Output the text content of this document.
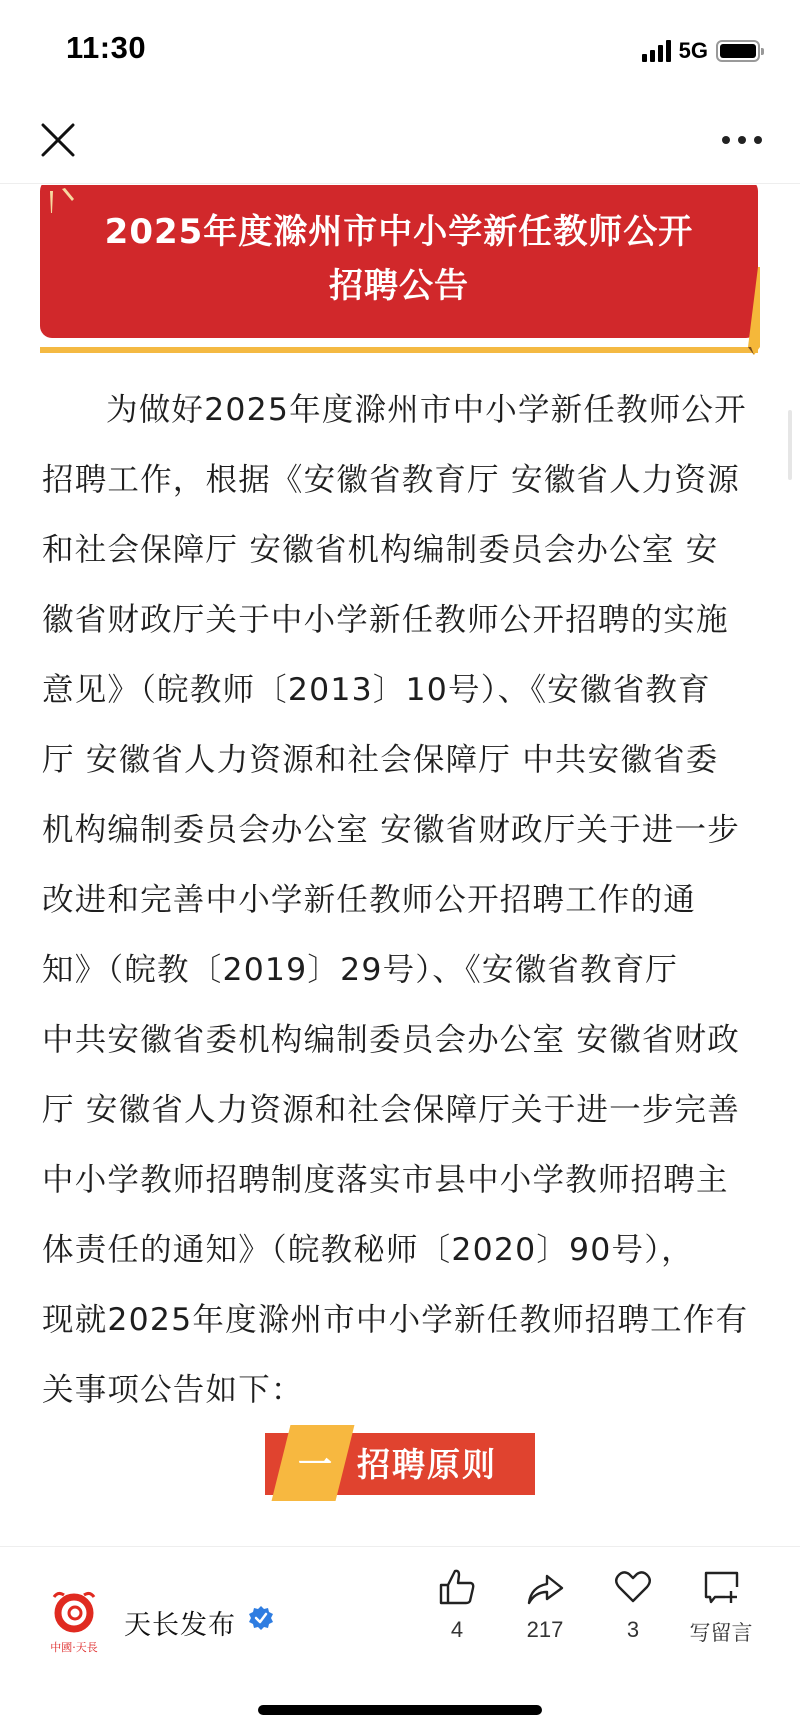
11:30	5G
2025年度滁州市中小学新任教师公开
招聘公告
为做好2025年度滁州市中小学新任教师公开
招聘工作，根据《安徽省教育厅 安徽省人力资源
和社会保障厅 安徽省机构编制委员会办公室 安
徽省财政厅关于中小学新任教师公开招聘的实施
意见》（皖教师〔2013〕10号）、《安徽省教育
厅 安徽省人力资源和社会保障厅 中共安徽省委
机构编制委员会办公室 安徽省财政厅关于进一步
改进和完善中小学新任教师公开招聘工作的通
知》（皖教〔2019〕29号）、《安徽省教育厅
中共安徽省委机构编制委员会办公室 安徽省财政
厅 安徽省人力资源和社会保障厅关于进一步完善
中小学教师招聘制度落实市县中小学教师招聘主
体责任的通知》（皖教秘师〔2020〕90号），
现就2025年度滁州市中小学新任教师招聘工作有
关事项公告如下：
一 招聘原则
中國·天長
天长发布	4	217	3	写留言
